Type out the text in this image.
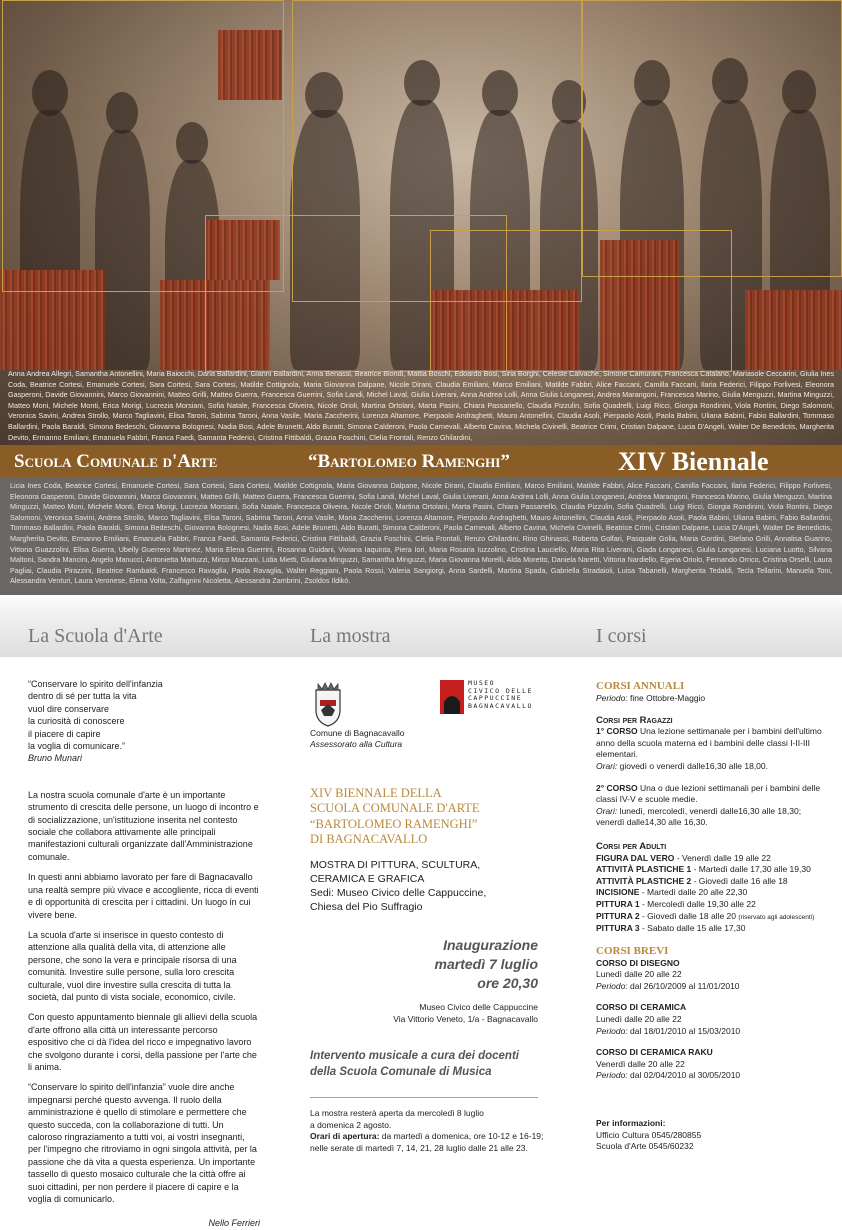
Anna Andrea Allegri, Samantha Antonellini, Maria Baiocchi, Daria Ballardini, Gianni Ballardini, Anna Benassi, Beatrice Biondi, Mattia Boschi, Edoardo Bosi, Siria Borghi, Celeste Calvache, Simone Camurani, Francesca Catalano, Mariasole Ceccarini, Giulia Ines Coda, Beatrice Cortesi, Emanuele Cortesi, Sara Cortesi, Sara Cortesi, Matilde Cottignola, Maria Giovanna Dalpane, Nicole Dirani, Claudia Emiliani, Marco Emiliani, Matilde Fabbri, Alice Faccani, Camilla Faccani, Ilaria Federici, Filippo Forlivesi, Eleonora Gasperoni, Davide Giovannini, Marco Giovannini, Matteo Grilli, Matteo Guerra, Francesca Guerrini, Sofia Landi, Michel Laval, Giulia Liverani, Anna Andrea Lolli, Anna Giulia Longanesi, Andrea Marangoni, Francesca Marino, Giulia Menguzzi, Martina Minguzzi, Matteo Moni, Michele Monti, Erica Morigi, Lucrezia Morsiani, Sofia Natale, Francesca Oliveira, Nicole Orioli, Martina Ortolani, Marta Pasini, Chiara Passariello, Claudia Pizzulin, Sofia Quadrelli, Luigi Ricci, Giorgia Rondinini, Viola Rontini, Diego Salomoni, Veronica Savini, Andrea Strollo, Marco Tagliavini, Elisa Taroni, Sabrina Taroni, Anna Vasile, Maria Zaccherini, Lorenza Altamore, Pierpaolo Andraghetti, Mauro Antonellini, Claudia Asoli, Pierpaolo Asoli, Paola Babini, Uliana Babini, Fabio Ballardini, Tommaso Ballardini, Paola Baraldi, Simona Bedeschi, Giovanna Bolognesi, Nadia Bosi, Adele Brunetti, Aldo Buratti, Simona Calderoni, Paola Carnevali, Alberto Cavina, Michela Civinelli, Beatrice Crimi, Cristian Dalpane, Lucia D'Angeli, Walter De Benedictis, Margherita Devito, Ermanno Emiliani, Emanuela Fabbri, Franca Faedi, Samanta Federici, Cristina Fittibaldi, Grazia Foschini, Clelia Frontali, Renzo Ghilardini,
Scuola Comunale d'Arte	“Bartolomeo Ramenghi”	XIV Biennale
Licia Ines Coda, Beatrice Cortesi, Emanuele Cortesi, Sara Cortesi, Sara Cortesi, Matilde Cottignola, Maria Giovanna Dalpane, Nicole Dirani, Claudia Emiliani, Marco Emiliani, Matilde Fabbri, Alice Faccani, Camilla Faccani, Ilaria Federici, Filippo Forlivesi, Eleonora Gasperoni, Davide Giovannini, Marco Giovannini, Matteo Grilli, Matteo Guerra, Francesca Guerrini, Sofia Landi, Michel Laval, Giulia Liverani, Anna Andrea Lolli, Anna Giulia Longanesi, Andrea Marangoni, Francesca Marino, Giulia Menguzzi, Martina Minguzzi, Matteo Moni, Michele Monti, Erica Morigi, Lucrezia Morsiani, Sofia Natale, Francesca Oliveira, Nicole Orioli, Martina Ortolani, Marta Pasini, Chiara Passariello, Claudia Pizzulin, Sofia Quadrelli, Luigi Ricci, Giorgia Rondinini, Viola Rontini, Diego Salomoni, Veronica Savini, Andrea Strollo, Marco Tagliavini, Elisa Taroni, Sabrina Taroni, Anna Vasile, Maria Zaccherini, Lorenza Altamore, Pierpaolo Andraghetti, Mauro Antonellini, Claudia Asoli, Pierpaolo Asoli, Paola Babini, Uliana Babini, Fabio Ballardini, Tommaso Ballardini, Paola Baraldi, Simona Bedeschi, Giovanna Bolognesi, Nadia Bosi, Adele Brunetti, Aldo Buratti, Simona Calderoni, Paola Carnevali, Alberto Cavina, Michela Civinelli, Beatrice Crimi, Cristian Dalpane, Lucia D'Angeli, Walter De Benedictis, Margherita Devito, Ermanno Emiliani, Emanuela Fabbri, Franca Faedi, Samanta Federici, Cristina Fittibaldi, Grazia Foschini, Clelia Frontali, Renzo Ghilardini, Rino Ghinassi, Roberta Golfari, Pasquale Golia, Maria Gordini, Stefano Grilli, Annalisa Guarino, Vittoria Guazzolini, Elisa Guerra, Ubelly Guerrero Martinez, Maria Elena Guerrini, Rosanna Guidani, Viviana Iaquinta, Piera Iori, Maria Rosaria Iuzzolino, Cristina Lauciello, Maria Rita Liverani, Giada Longanesi, Giulia Longanesi, Luciana Luotto, Silvana Maltoni, Sandra Mancini, Angelo Manucci, Antonietta Martuzzi, Mirco Mazzani, Lidia Mietti, Giuliana Minguzzi, Samantha Minguzzi, Maria Giovanna Morelli, Alda Moretto, Daniela Naretti, Vittoria Nardiello, Egeria Oriolo, Fernando Orrico, Cristina Orselli, Laura Pagliai, Claudia Pirazzini, Beatrice Rambaldi, Francesco Ravaglia, Paola Ravaglia, Walter Reggiani, Paola Rossi, Valeria Sangiorgi, Anna Sardelli, Martina Spada, Gabriella Stradaioli, Luisa Tabanelli, Margherita Tedaldi, Tecla Tellarini, Manuela Toni, Alessandra Venturi, Laura Veronese, Elena Volta, Zaffagnini Nicoletta, Alessandra Zambrini, Zsoldos Ildikó.
La Scuola d'Arte	La mostra	I corsi

“Conservare lo spirito dell'infanzia

dentro di sé per tutta la vita

vuol dire conservare

la curiosità di conoscere

il piacere di capire

la voglia di comunicare.”

Bruno Munari

La nostra scuola comunale d'arte è un importante strumento di crescita delle persone, un luogo di incontro e di socializzazione, un'istituzione inserita nel contesto sociale che collabora attivamente alle principali manifestazioni culturali organizzate dall'Amministrazione comunale.

In questi anni abbiamo lavorato per fare di Bagnacavallo una realtà sempre più vivace e accogliente, ricca di eventi e di opportunità di crescita per i cittadini. Un luogo in cui vivere bene.

La scuola d'arte si inserisce in questo contesto di attenzione alla qualità della vita, di attenzione alle persone, che sono la vera e principale risorsa di una comunità. Investire sulle persone, sulla loro crescita culturale, vuol dire investire sulla crescita di tutta la società, dal punto di vista sociale, economico, civile.

Con questo appuntamento biennale gli allievi della scuola d'arte offrono alla città un interessante percorso espositivo che ci dà l'idea del ricco e impegnativo lavoro che svolgono durante i corsi, della passione per l'arte che li anima.

“Conservare lo spirito dell'infanzia” vuole dire anche impegnarsi perché questo avvenga. Il ruolo della amministrazione è quello di stimolare e permettere che questo succeda, con la collaborazione di tutti. Un caloroso ringraziamento a tutti voi, ai vostri insegnanti, per l'impegno che ritroviamo in ogni singola attività, per la passione che dà vita a questa esperienza. Un importante tassello di questo mosaico culturale che la città offre ai suoi cittadini, per non perdere il piacere di capire e la voglia di comunicarlo.

Nello Ferrieri

MUSEO
CIVICO DELLE
CAPPUCCINE
BAGNACAVALLO
Comune di Bagnacavallo
Assessorato alla Cultura
XIV BIENNALE DELLA
SCUOLA COMUNALE D'ARTE
“BARTOLOMEO RAMENGHI”
DI BAGNACAVALLO
MOSTRA DI PITTURA, SCULTURA,
CERAMICA E GRAFICA
Sedi: Museo Civico delle Cappuccine,
Chiesa del Pio Suffragio
Inaugurazione
martedì 7 luglio
ore 20,30
Museo Civico delle Cappuccine
Via Vittorio Veneto, 1/a - Bagnacavallo
Intervento musicale a cura dei docenti
della Scuola Comunale di Musica
La mostra resterà aperta da mercoledì 8 luglio
a domenica 2 agosto.
Orari di apertura: da martedì a domenica, ore 10-12 e 16-19;
nelle serate di martedì 7, 14, 21, 28 luglio dalle 21 alle 23.
CORSI ANNUALI
Periodo: fine Ottobre-Maggio
Corsi per Ragazzi

1° CORSO Una lezione settimanale per i bambini dell'ultimo anno della scuola materna ed i bambini delle classi I-II-III elementari.

Orari: giovedì o venerdì dalle16,30 alle 18,00.

2° CORSO Una o due lezioni settimanali per i bambini delle classi IV-V e scuole medie.

Orari: lunedì, mercoledì, venerdì dalle16,30 alle 18,30; venerdì dalle14,30 alle 16,30.

Corsi per Adulti
FIGURA DAL VERO - Venerdì dalle 19 alle 22
ATTIVITÀ PLASTICHE 1 - Martedì dalle 17,30 alle 19,30
ATTIVITÀ PLASTICHE 2 - Giovedì dalle 16 alle 18
INCISIONE - Martedì dalle 20 alle 22,30
PITTURA 1 - Mercoledì dalle 19,30 alle 22
PITTURA 2 - Giovedì dalle 18 alle 20 (riservato agli adolescenti)
PITTURA 3 - Sabato dalle 15 alle 17,30
CORSI BREVI
CORSO DI DISEGNO
Lunedì dalle 20 alle 22
Periodo: dal 26/10/2009 al 11/01/2010
CORSO DI CERAMICA
Lunedì dalle 20 alle 22
Periodo: dal 18/01/2010 al 15/03/2010
CORSO DI CERAMICA RAKU
Venerdì dalle 20 alle 22
Periodo: dal 02/04/2010 al 30/05/2010
Per informazioni:
Ufficio Cultura 0545/280855
Scuola d'Arte 0545/60232
